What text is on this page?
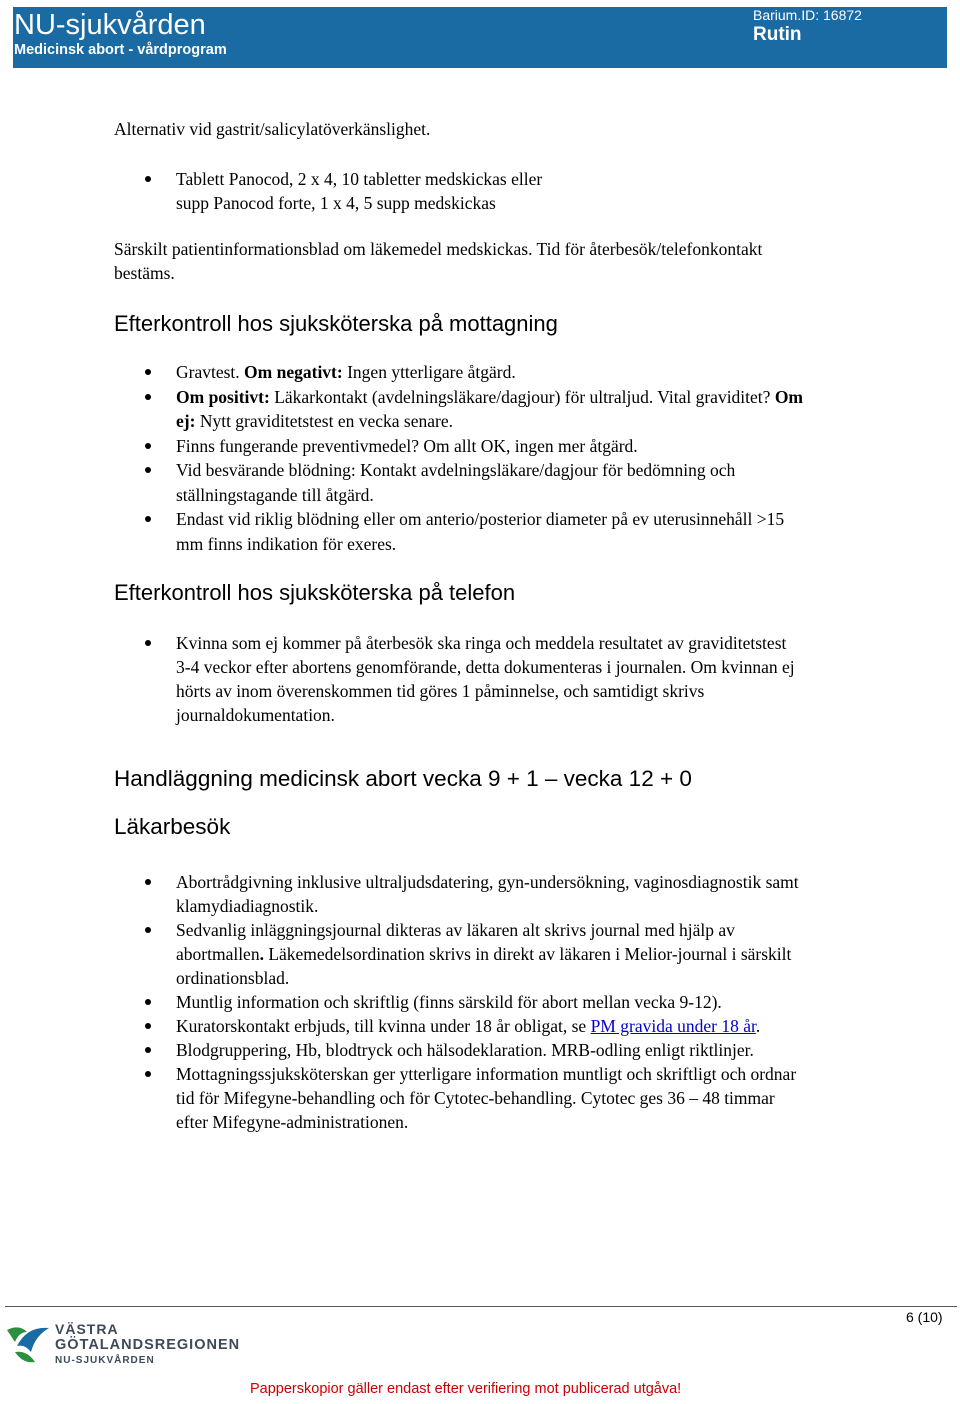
NU-sjukvården
Medicinsk abort - vårdprogram
Barium.ID: 16872
Rutin

Alternativ vid gastrit/salicylatöverkänslighet.

Tablett Panocod, 2 x 4, 10 tabletter medskickas eller
supp Panocod forte, 1 x 4, 5 supp medskickas

Särskilt patientinformationsblad om läkemedel medskickas. Tid för återbesök/telefonkontakt bestäms.

Efterkontroll hos sjuksköterska på mottagning
Gravtest. Om negativt: Ingen ytterligare åtgärd.
Om positivt: Läkarkontakt (avdelningsläkare/dagjour) för ultraljud. Vital graviditet? Om ej: Nytt graviditetstest en vecka senare.
Finns fungerande preventivmedel? Om allt OK, ingen mer åtgärd.
Vid besvärande blödning: Kontakt avdelningsläkare/dagjour för bedömning och ställningstagande till åtgärd.
Endast vid riklig blödning eller om anterio/posterior diameter på ev uterusinnehåll >15 mm finns indikation för exeres.
Efterkontroll hos sjuksköterska på telefon
Kvinna som ej kommer på återbesök ska ringa och meddela resultatet av graviditetstest 3-4 veckor efter abortens genomförande, detta dokumenteras i journalen. Om kvinnan ej hörts av inom överenskommen tid göres 1 påminnelse, och samtidigt skrivs journaldokumentation.
Handläggning medicinsk abort vecka 9 + 1 – vecka 12 + 0
Läkarbesök
Abortrådgivning inklusive ultraljudsdatering, gyn-undersökning, vaginosdiagnostik samt klamydiadiagnostik.
Sedvanlig inläggningsjournal dikteras av läkaren alt skrivs journal med hjälp av abortmallen. Läkemedelsordination skrivs in direkt av läkaren i Melior-journal i särskilt ordinationsblad.
Muntlig information och skriftlig (finns särskild för abort mellan vecka 9-12).
Kuratorskontakt erbjuds, till kvinna under 18 år obligat, se PM gravida under 18 år.
Blodgruppering, Hb, blodtryck och hälsodeklaration. MRB-odling enligt riktlinjer.
Mottagningssjuksköterskan ger ytterligare information muntligt och skriftligt och ordnar tid för Mifegyne-behandling och för Cytotec-behandling. Cytotec ges 36 – 48 timmar efter Mifegyne-administrationen.
6 (10)
VÄSTRA
GÖTALANDSREGIONEN
NU-SJUKVÅRDEN
Papperskopior gäller endast efter verifiering mot publicerad utgåva!
